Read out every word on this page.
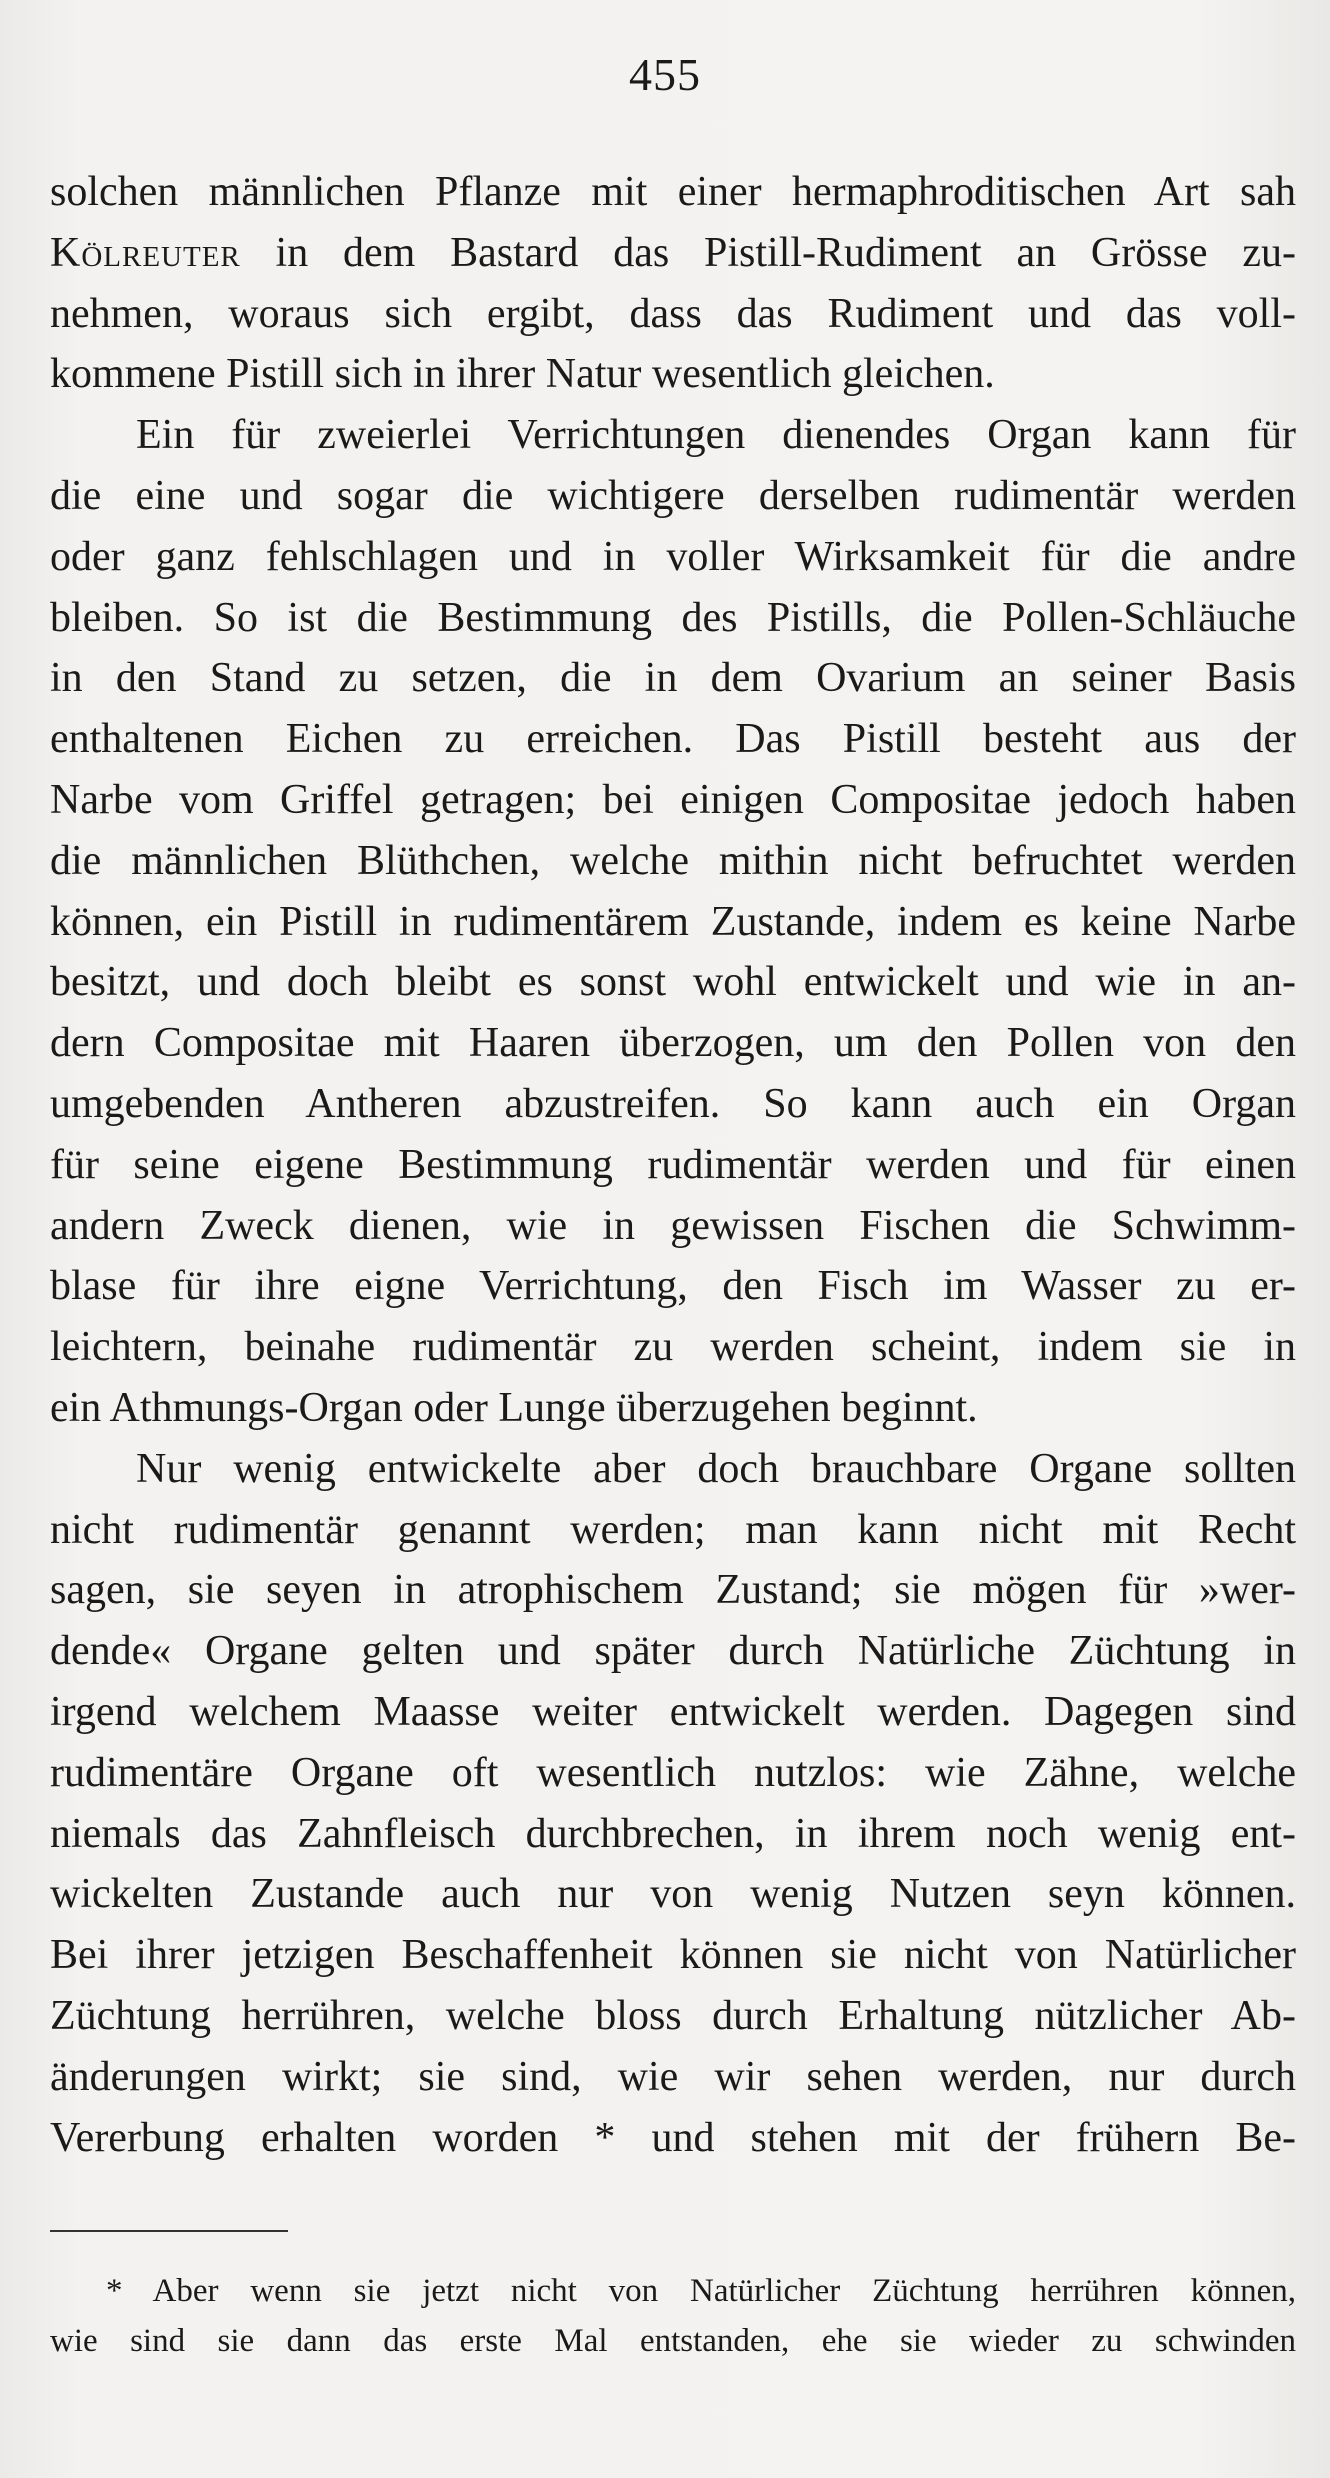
455
solchen männlichen Pflanze mit einer hermaphroditischen Art sah
Kölreuter in dem Bastard das Pistill-Rudiment an Grösse zu-
nehmen, woraus sich ergibt, dass das Rudiment und das voll-
kommene Pistill sich in ihrer Natur wesentlich gleichen.
Ein für zweierlei Verrichtungen dienendes Organ kann für
die eine und sogar die wichtigere derselben rudimentär werden
oder ganz fehlschlagen und in voller Wirksamkeit für die andre
bleiben. So ist die Bestimmung des Pistills, die Pollen-Schläuche
in den Stand zu setzen, die in dem Ovarium an seiner Basis
enthaltenen Eichen zu erreichen. Das Pistill besteht aus der
Narbe vom Griffel getragen; bei einigen Compositae jedoch haben
die männlichen Blüthchen, welche mithin nicht befruchtet werden
können, ein Pistill in rudimentärem Zustande, indem es keine Narbe
besitzt, und doch bleibt es sonst wohl entwickelt und wie in an-
dern Compositae mit Haaren überzogen, um den Pollen von den
umgebenden Antheren abzustreifen. So kann auch ein Organ
für seine eigene Bestimmung rudimentär werden und für einen
andern Zweck dienen, wie in gewissen Fischen die Schwimm-
blase für ihre eigne Verrichtung, den Fisch im Wasser zu er-
leichtern, beinahe rudimentär zu werden scheint, indem sie in
ein Athmungs-Organ oder Lunge überzugehen beginnt.
Nur wenig entwickelte aber doch brauchbare Organe sollten
nicht rudimentär genannt werden; man kann nicht mit Recht
sagen, sie seyen in atrophischem Zustand; sie mögen für »wer-
dende« Organe gelten und später durch Natürliche Züchtung in
irgend welchem Maasse weiter entwickelt werden. Dagegen sind
rudimentäre Organe oft wesentlich nutzlos: wie Zähne, welche
niemals das Zahnfleisch durchbrechen, in ihrem noch wenig ent-
wickelten Zustande auch nur von wenig Nutzen seyn können.
Bei ihrer jetzigen Beschaffenheit können sie nicht von Natürlicher
Züchtung herrühren, welche bloss durch Erhaltung nützlicher Ab-
änderungen wirkt; sie sind, wie wir sehen werden, nur durch
Vererbung erhalten worden * und stehen mit der frühern Be-
* Aber wenn sie jetzt nicht von Natürlicher Züchtung herrühren können,
wie sind sie dann das erste Mal entstanden, ehe sie wieder zu schwinden
